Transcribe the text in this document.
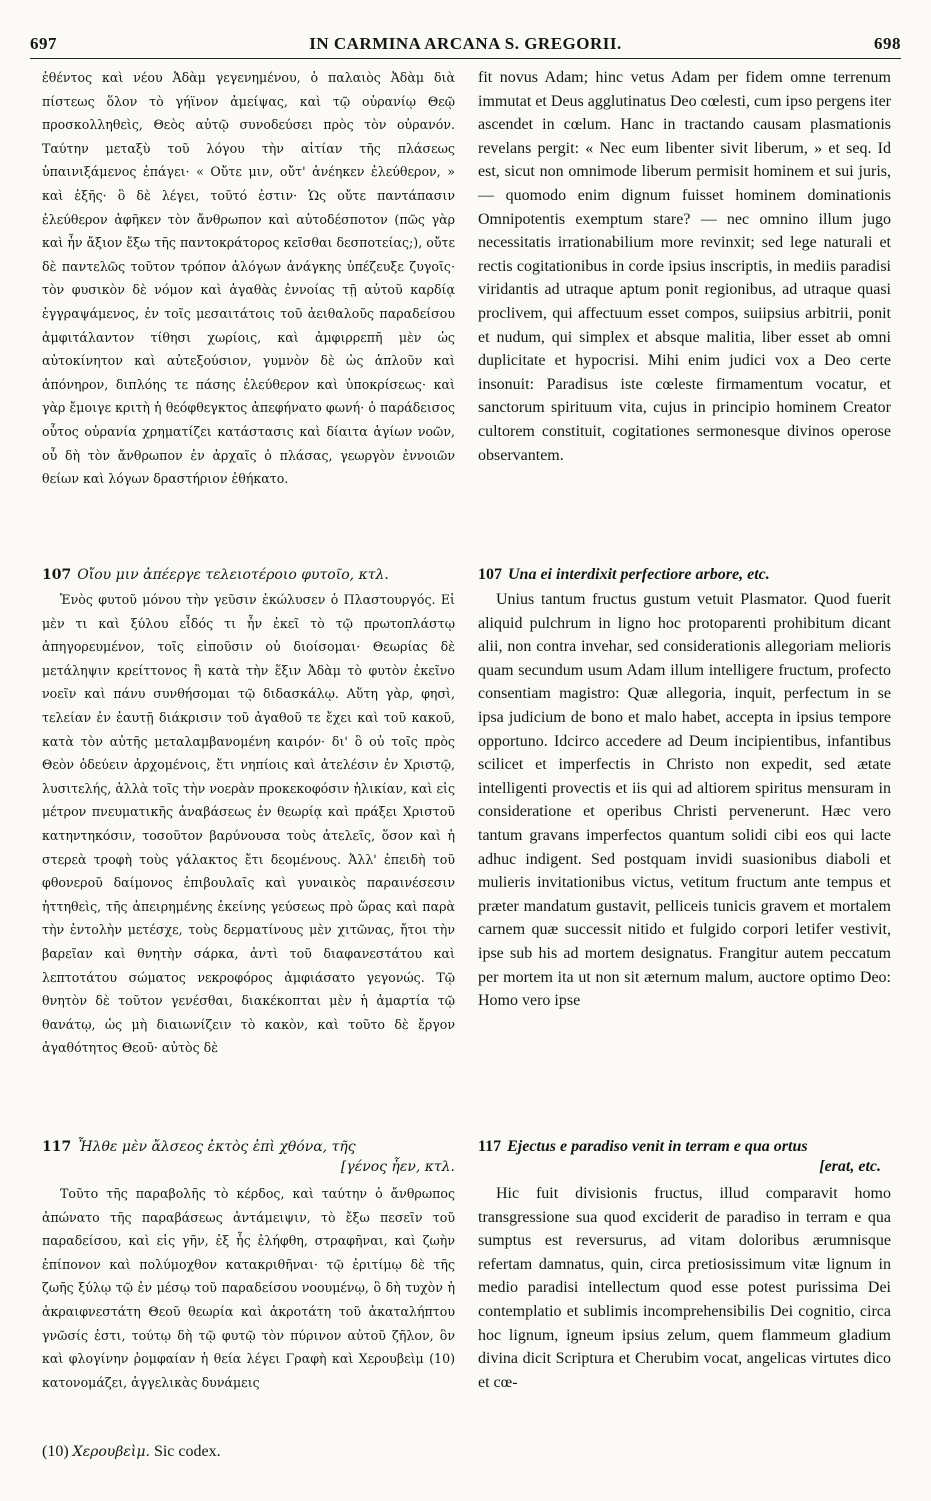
697	IN CARMINA ARCANA S. GREGORII.	698

ἐθέντος καὶ νέου Ἀδὰμ γεγενημένου, ὁ παλαιὸς Ἀδὰμ διὰ πίστεως ὅλον τὸ γήϊνον ἀμείψας, καὶ τῷ οὐρανίῳ Θεῷ προσκολληθεὶς, Θεὸς αὐτῷ συνοδεύσει πρὸς τὸν οὐρανόν. Ταύτην μεταξὺ τοῦ λόγου τὴν αἰτίαν τῆς πλάσεως ὑπαινιξάμενος ἐπάγει· « Οὔτε μιν, οὔτ' ἀνέηκεν ἐλεύθερον, » καὶ ἑξῆς· ὃ δὲ λέγει, τοῦτό ἐστιν· Ὡς οὔτε παντάπασιν ἐλεύθερον ἀφῆκεν τὸν ἄνθρωπον καὶ αὐτοδέσποτον (πῶς γὰρ καὶ ἦν ἄξιον ἔξω τῆς παντοκράτορος κεῖσθαι δεσποτείας;), οὔτε δὲ παντελῶς τοῦτον τρόπον ἀλόγων ἀνάγκης ὑπέζευξε ζυγοῖς· τὸν φυσικὸν δὲ νόμον καὶ ἀγαθὰς ἐννοίας τῇ αὐτοῦ καρδίᾳ ἐγγραψάμενος, ἐν τοῖς μεσαιτάτοις τοῦ ἀειθαλοῦς παραδείσου ἀμφιτάλαντον τίθησι χωρίοις, καὶ ἀμφιρρεπῆ μὲν ὡς αὐτοκίνητον καὶ αὐτεξούσιον, γυμνὸν δὲ ὡς ἁπλοῦν καὶ ἀπόνηρον, διπλόης τε πάσης ἐλεύθερον καὶ ὑποκρίσεως· καὶ γὰρ ἔμοιγε κριτὴ ἡ θεόφθεγκτος ἀπεφήνατο φωνή· ὁ παράδεισος οὗτος οὐρανία χρηματίζει κατάστασις καὶ δίαιτα ἁγίων νοῶν, οὗ δὴ τὸν ἄνθρωπον ἐν ἀρχαῖς ὁ πλάσας, γεωργὸν ἐννοιῶν θείων καὶ λόγων δραστήριον ἐθήκατο.

107 Οἴου μιν ἀπέεργε τελειοτέροιο φυτοῖο, κτλ.

Ἑνὸς φυτοῦ μόνου τὴν γεῦσιν ἐκώλυσεν ὁ Πλαστουργός. Εἰ μὲν τι καὶ ξύλου εἶδός τι ἦν ἐκεῖ τὸ τῷ πρωτοπλάστῳ ἀπηγορευμένον, τοῖς εἰποῦσιν οὐ διοίσομαι· Θεωρίας δὲ μετάληψιν κρείττονος ἢ κατὰ τὴν ἕξιν Ἀδὰμ τὸ φυτὸν ἐκεῖνο νοεῖν καὶ πάνυ συνθήσομαι τῷ διδασκάλῳ. Αὕτη γὰρ, φησὶ, τελείαν ἐν ἑαυτῇ διάκρισιν τοῦ ἀγαθοῦ τε ἔχει καὶ τοῦ κακοῦ, κατὰ τὸν αὐτῆς μεταλαμβανομένη καιρόν· δι' ὃ οὐ τοῖς πρὸς Θεὸν ὁδεύειν ἀρχομένοις, ἔτι νηπίοις καὶ ἀτελέσιν ἐν Χριστῷ, λυσιτελής, ἀλλὰ τοῖς τὴν νοερὰν προκεκοφόσιν ἡλικίαν, καὶ εἰς μέτρον πνευματικῆς ἀναβάσεως ἐν θεωρίᾳ καὶ πράξει Χριστοῦ κατηντηκόσιν, τοσοῦτον βαρύνουσα τοὺς ἀτελεῖς, ὅσον καὶ ἡ στερεὰ τροφὴ τοὺς γάλακτος ἔτι δεομένους. Ἀλλ' ἐπειδὴ τοῦ φθονεροῦ δαίμονος ἐπιβουλαῖς καὶ γυναικὸς παραινέσεσιν ἡττηθεὶς, τῆς ἀπειρημένης ἐκείνης γεύσεως πρὸ ὥρας καὶ παρὰ τὴν ἐντολὴν μετέσχε, τοὺς δερματίνους μὲν χιτῶνας, ἤτοι τὴν βαρεῖαν καὶ θνητὴν σάρκα, ἀντὶ τοῦ διαφανεστάτου καὶ λεπτοτάτου σώματος νεκροφόρος ἀμφιάσατο γεγονώς. Τῷ θνητὸν δὲ τοῦτον γενέσθαι, διακέκοπται μὲν ἡ ἁμαρτία τῷ θανάτῳ, ὡς μὴ διαιωνίζειν τὸ κακὸν, καὶ τοῦτο δὲ ἔργον ἀγαθότητος Θεοῦ· αὐτὸς δὲ

117 Ἦλθε μὲν ἄλσεος ἐκτὸς ἐπὶ χθόνα, τῆς
[γένος ἦεν, κτλ.

Τοῦτο τῆς παραβολῆς τὸ κέρδος, καὶ ταύτην ὁ ἄνθρωπος ἀπώνατο τῆς παραβάσεως ἀντάμειψιν, τὸ ἔξω πεσεῖν τοῦ παραδείσου, καὶ εἰς γῆν, ἐξ ἧς ἐλήφθη, στραφῆναι, καὶ ζωὴν ἐπίπονον καὶ πολύμοχθον κατακριθῆναι· τῷ ἐριτίμῳ δὲ τῆς ζωῆς ξύλῳ τῷ ἐν μέσῳ τοῦ παραδείσου νοουμένῳ, ὃ δὴ τυχὸν ἡ ἀκραιφνεστάτη Θεοῦ θεωρία καὶ ἀκροτάτη τοῦ ἀκαταλήπτου γνῶσίς ἐστι, τούτῳ δὴ τῷ φυτῷ τὸν πύρινον αὐτοῦ ζῆλον, ὃν καὶ φλογίνην ῥομφαίαν ἡ θεία λέγει Γραφὴ καὶ Χερουβεὶμ (10) κατονομάζει, ἀγγελικὰς δυνάμεις

fit novus Adam; hinc vetus Adam per fidem omne terrenum immutat et Deus agglutinatus Deo cœlesti, cum ipso pergens iter ascendet in cœlum. Hanc in tractando causam plasmationis revelans pergit: « Nec eum libenter sivit liberum, » et seq. Id est, sicut non omnimode liberum permisit hominem et sui juris, — quomodo enim dignum fuisset hominem dominationis Omnipotentis exemptum stare? — nec omnino illum jugo necessitatis irrationabilium more revinxit; sed lege naturali et rectis cogitationibus in corde ipsius inscriptis, in mediis paradisi viridantis ad utraque aptum ponit regionibus, ad utraque quasi proclivem, qui affectuum esset compos, suiipsius arbitrii, ponit et nudum, qui simplex et absque malitia, liber esset ab omni duplicitate et hypocrisi. Mihi enim judici vox a Deo certe insonuit: Paradisus iste cœleste firmamentum vocatur, et sanctorum spirituum vita, cujus in principio hominem Creator cultorem constituit, cogitationes sermonesque divinos operose observantem.

107 Una ei interdixit perfectiore arbore, etc.

Unius tantum fructus gustum vetuit Plasmator. Quod fuerit aliquid pulchrum in ligno hoc protoparenti prohibitum dicant alii, non contra invehar, sed considerationis allegoriam melioris quam secundum usum Adam illum intelligere fructum, profecto consentiam magistro: Quæ allegoria, inquit, perfectum in se ipsa judicium de bono et malo habet, accepta in ipsius tempore opportuno. Idcirco accedere ad Deum incipientibus, infantibus scilicet et imperfectis in Christo non expedit, sed ætate intelligenti provectis et iis qui ad altiorem spiritus mensuram in consideratione et operibus Christi pervenerunt. Hæc vero tantum gravans imperfectos quantum solidi cibi eos qui lacte adhuc indigent. Sed postquam invidi suasionibus diaboli et mulieris invitationibus victus, vetitum fructum ante tempus et præter mandatum gustavit, pelliceis tunicis gravem et mortalem carnem quæ successit nitido et fulgido corpori letifer vestivit, ipse sub his ad mortem designatus. Frangitur autem peccatum per mortem ita ut non sit æternum malum, auctore optimo Deo: Homo vero ipse

117 Ejectus e paradiso venit in terram e qua ortus
[erat, etc.

Hic fuit divisionis fructus, illud comparavit homo transgressione sua quod exciderit de paradiso in terram e qua sumptus est reversurus, ad vitam doloribus ærumnisque refertam damnatus, quin, circa pretiosissimum vitæ lignum in medio paradisi intellectum quod esse potest purissima Dei contemplatio et sublimis incomprehensibilis Dei cognitio, circa hoc lignum, igneum ipsius zelum, quem flammeum gladium divina dicit Scriptura et Cherubim vocat, angelicas virtutes dico et cœ-

(10) Χερουβεὶμ. Sic codex.
